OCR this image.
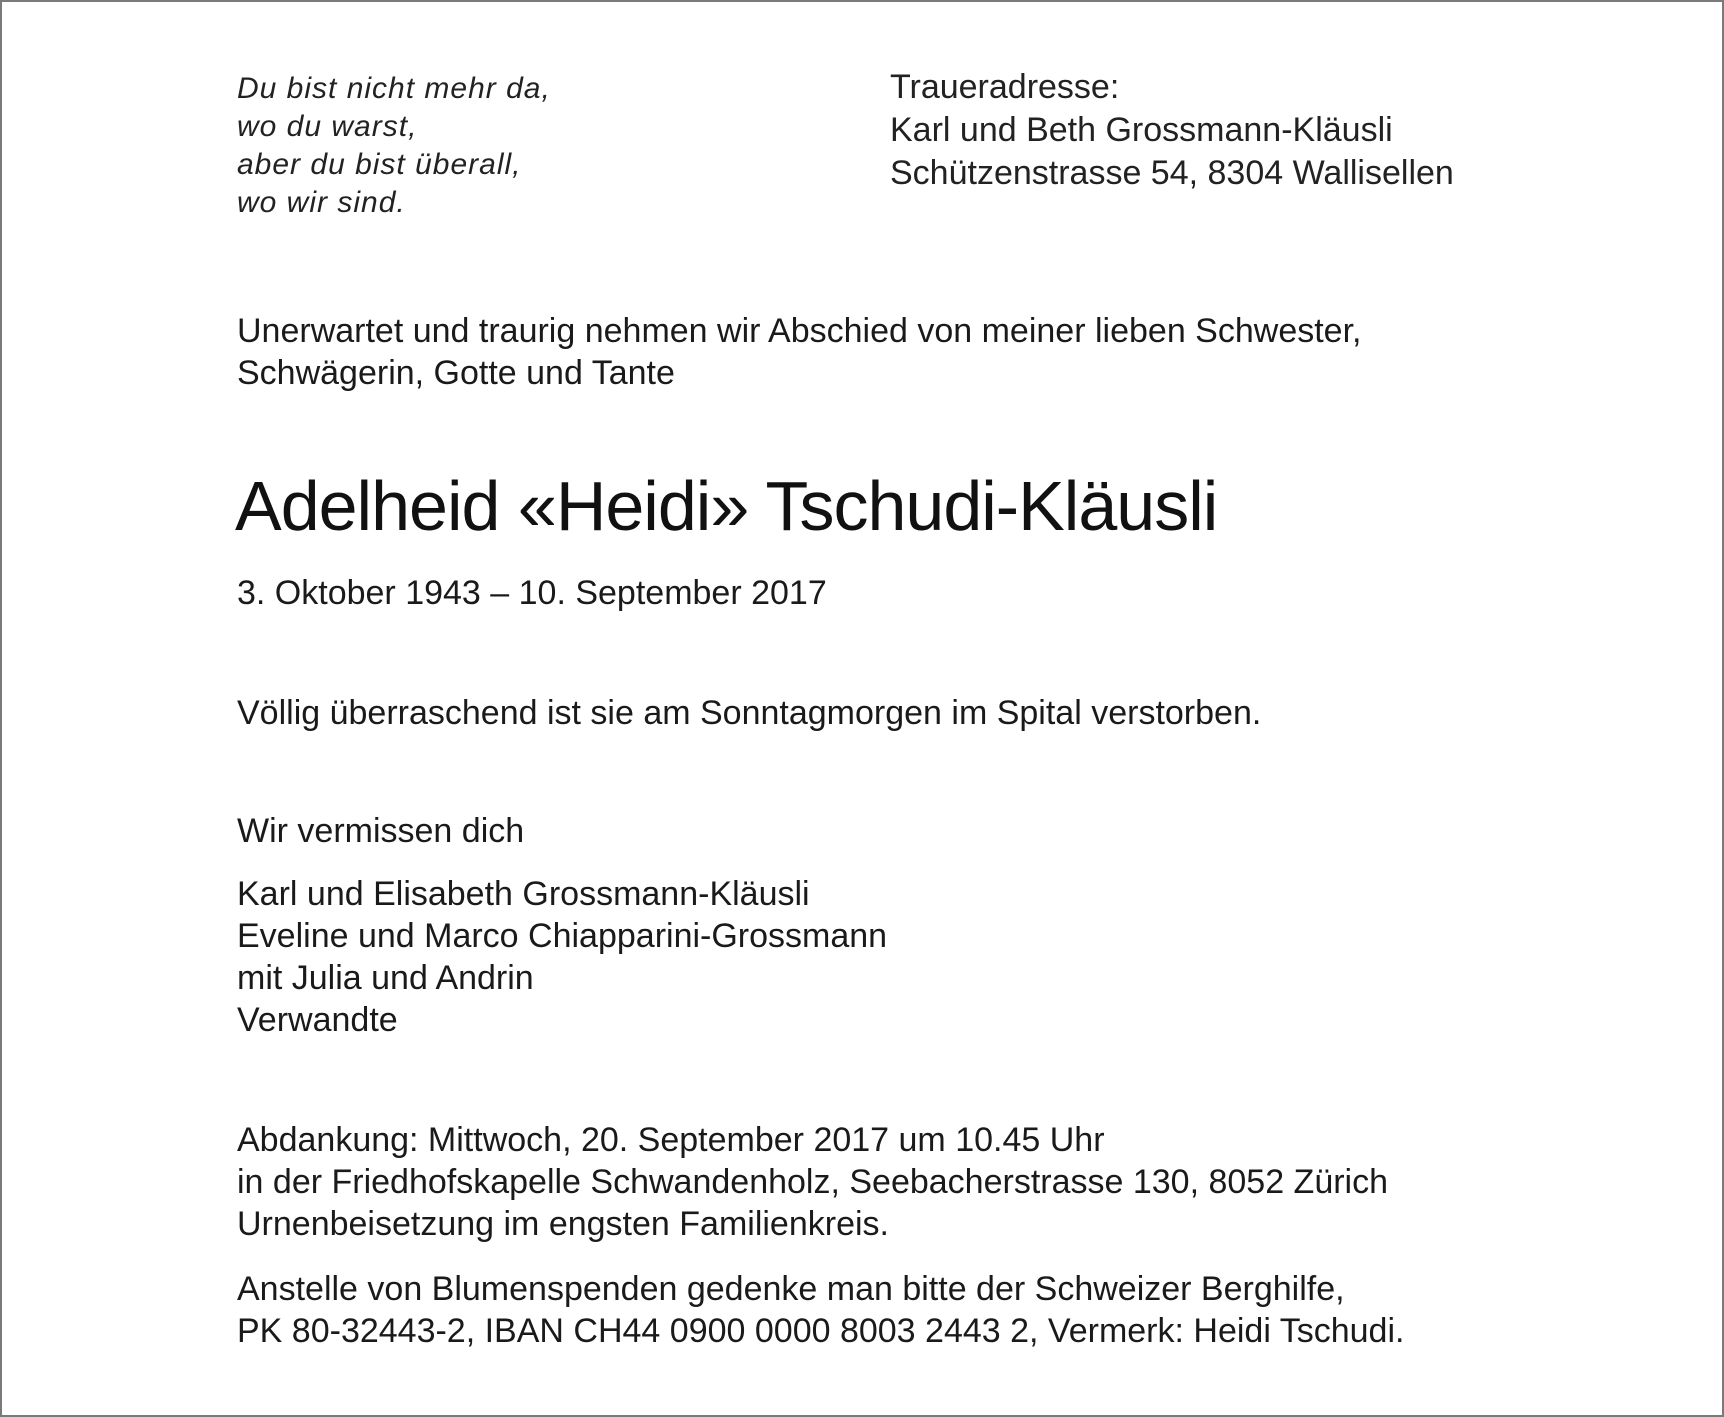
Du bist nicht mehr da,
wo du warst,
aber du bist überall,
wo wir sind.
Traueradresse:
Karl und Beth Grossmann-Kläusli
Schützenstrasse 54, 8304 Wallisellen
Unerwartet und traurig nehmen wir Abschied von meiner lieben Schwester,
Schwägerin, Gotte und Tante
Adelheid «Heidi» Tschudi-Kläusli
3. Oktober 1943 – 10. September 2017
Völlig überraschend ist sie am Sonntagmorgen im Spital verstorben.
Wir vermissen dich
Karl und Elisabeth Grossmann-Kläusli
Eveline und Marco Chiapparini-Grossmann
mit Julia und Andrin
Verwandte
Abdankung: Mittwoch, 20. September 2017 um 10.45 Uhr
in der Friedhofskapelle Schwandenholz, Seebacherstrasse 130, 8052 Zürich
Urnenbeisetzung im engsten Familienkreis.
Anstelle von Blumenspenden gedenke man bitte der Schweizer Berghilfe,
PK 80-32443-2, IBAN CH44 0900 0000 8003 2443 2, Vermerk: Heidi Tschudi.
